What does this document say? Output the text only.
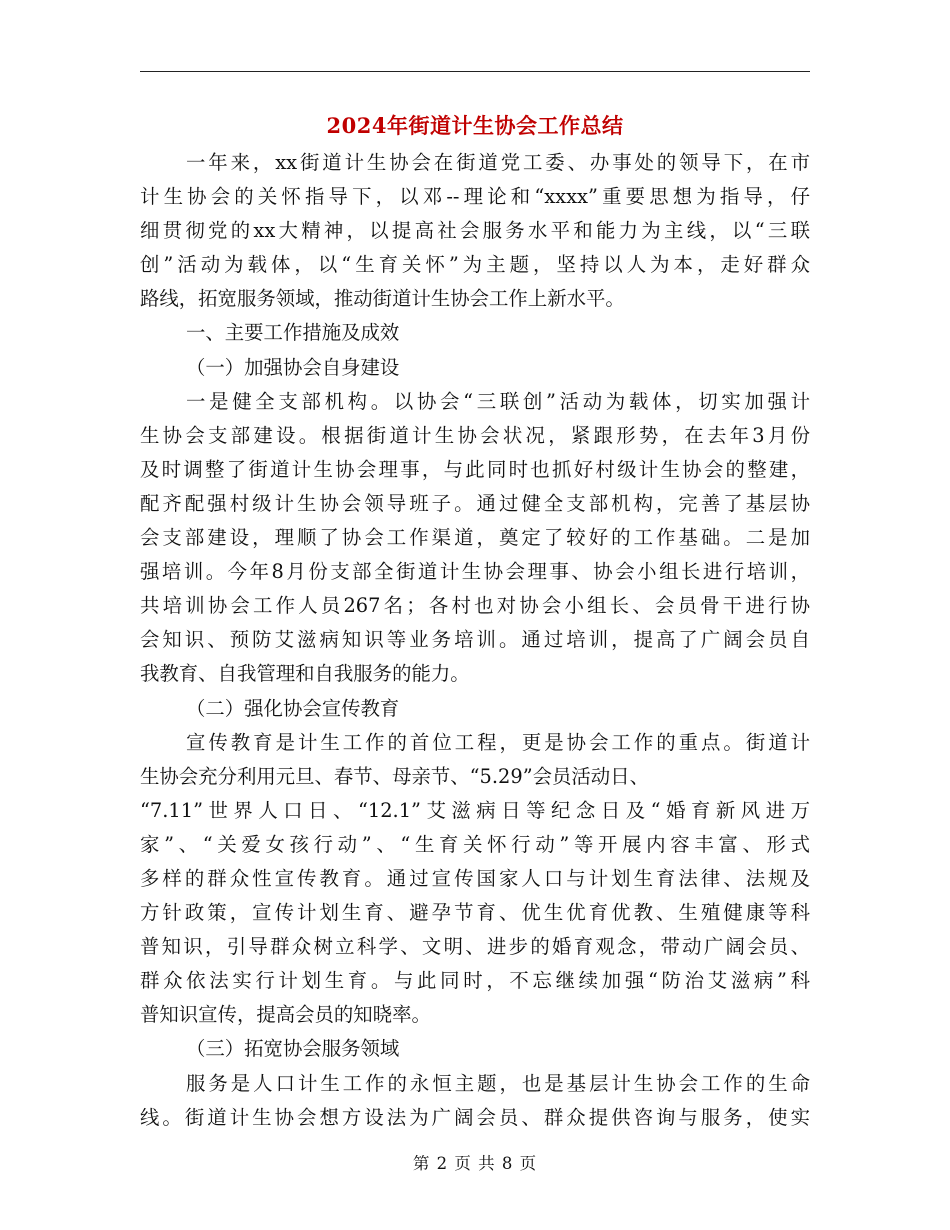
2024年街道计生协会工作总结
一年来，xx街道计生协会在街道党工委、办事处的领导下，在市
计生协会的关怀指导下，以邓--理论和“xxxx”重要思想为指导，仔
细贯彻党的xx大精神，以提高社会服务水平和能力为主线，以“三联
创”活动为载体，以“生育关怀”为主题，坚持以人为本，走好群众
路线，拓宽服务领域，推动街道计生协会工作上新水平。
一、主要工作措施及成效
（一）加强协会自身建设
一是健全支部机构。以协会“三联创”活动为载体，切实加强计
生协会支部建设。根据街道计生协会状况，紧跟形势，在去年3月份
及时调整了街道计生协会理事，与此同时也抓好村级计生协会的整建，
配齐配强村级计生协会领导班子。通过健全支部机构，完善了基层协
会支部建设，理顺了协会工作渠道，奠定了较好的工作基础。二是加
强培训。今年8月份支部全街道计生协会理事、协会小组长进行培训，
共培训协会工作人员267名；各村也对协会小组长、会员骨干进行协
会知识、预防艾滋病知识等业务培训。通过培训，提高了广阔会员自
我教育、自我管理和自我服务的能力。
（二）强化协会宣传教育
宣传教育是计生工作的首位工程，更是协会工作的重点。街道计
生协会充分利用元旦、春节、母亲节、“5.29”会员活动日、
“7.11”世界人口日、“12.1”艾滋病日等纪念日及“婚育新风进万
家”、“关爱女孩行动”、“生育关怀行动”等开展内容丰富、形式
多样的群众性宣传教育。通过宣传国家人口与计划生育法律、法规及
方针政策，宣传计划生育、避孕节育、优生优育优教、生殖健康等科
普知识，引导群众树立科学、文明、进步的婚育观念，带动广阔会员、
群众依法实行计划生育。与此同时，不忘继续加强“防治艾滋病”科
普知识宣传，提高会员的知晓率。
（三）拓宽协会服务领域
服务是人口计生工作的永恒主题，也是基层计生协会工作的生命
线。街道计生协会想方设法为广阔会员、群众提供咨询与服务，使实
第 2 页 共 8 页
